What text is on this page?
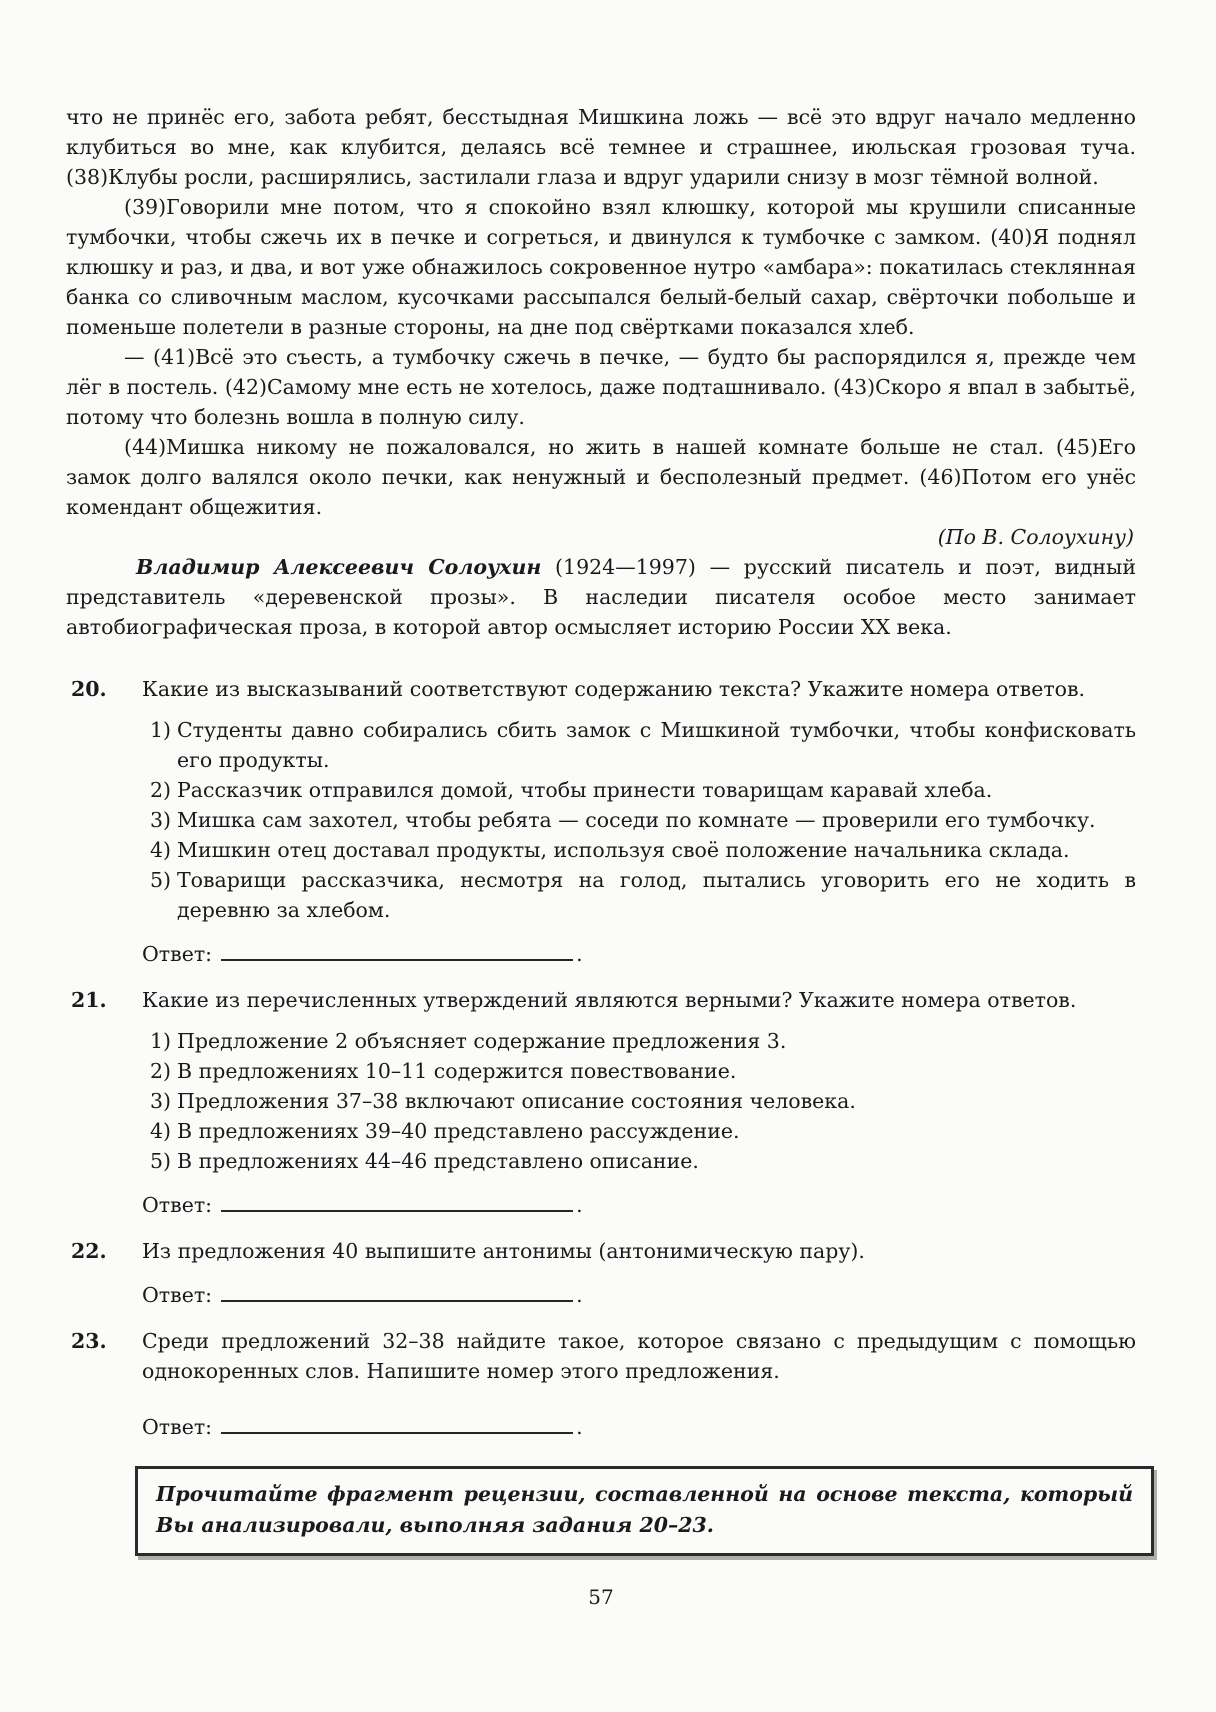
что не принёс его, забота ребят, бесстыдная Мишкина ложь — всё это вдруг начало медленно клубиться во мне, как клубится, делаясь всё темнее и страшнее, июльская грозовая туча. (38)Клубы росли, расширялись, застилали глаза и вдруг ударили снизу в мозг тёмной волной.

(39)Говорили мне потом, что я спокойно взял клюшку, которой мы крушили списанные тумбочки, чтобы сжечь их в печке и согреться, и двинулся к тумбочке с замком. (40)Я поднял клюшку и раз, и два, и вот уже обнажилось сокровенное нутро «амбара»: покатилась стеклянная банка со сливочным маслом, кусочками рассыпался белый-белый сахар, свёрточки побольше и поменьше полетели в разные стороны, на дне под свёртками показался хлеб.

— (41)Всё это съесть, а тумбочку сжечь в печке, — будто бы распорядился я, прежде чем лёг в постель. (42)Самому мне есть не хотелось, даже подташнивало. (43)Скоро я впал в забытьё, потому что болезнь вошла в полную силу.

(44)Мишка никому не пожаловался, но жить в нашей комнате больше не стал. (45)Его замок долго валялся около печки, как ненужный и бесполезный предмет. (46)Потом его унёс комендант общежития.

(По В. Солоухину)

Владимир Алексеевич Солоухин (1924—1997) — русский писатель и поэт, видный представитель «деревенской прозы». В наследии писателя особое место занимает автобиографическая проза, в которой автор осмысляет историю России XX века.

20.	Какие из высказываний соответствуют содержанию текста? Укажите номера ответов.

1) Студенты давно собирались сбить замок с Мишкиной тумбочки, чтобы конфисковать его продукты.
2) Рассказчик отправился домой, чтобы принести товарищам каравай хлеба.
3) Мишка сам захотел, чтобы ребята — соседи по комнате — проверили его тумбочку.
4) Мишкин отец доставал продукты, используя своё положение начальника склада.
5) Товарищи рассказчика, несмотря на голод, пытались уговорить его не ходить в деревню за хлебом.
Ответ:	.
21.	Какие из перечисленных утверждений являются верными? Укажите номера ответов.

1) Предложение 2 объясняет содержание предложения 3.
2) В предложениях 10–11 содержится повествование.
3) Предложения 37–38 включают описание состояния человека.
4) В предложениях 39–40 представлено рассуждение.
5) В предложениях 44–46 представлено описание.
Ответ:	.
22.	Из предложения 40 выпишите антонимы (антонимическую пару).

Ответ:	.
23.	Среди предложений 32–38 найдите такое, которое связано с предыдущим с помощью однокоренных слов. Напишите номер этого предложения.

Ответ:	.

Прочитайте фрагмент рецензии, составленной на основе текста, который Вы анализировали, выполняя задания 20–23.

57
